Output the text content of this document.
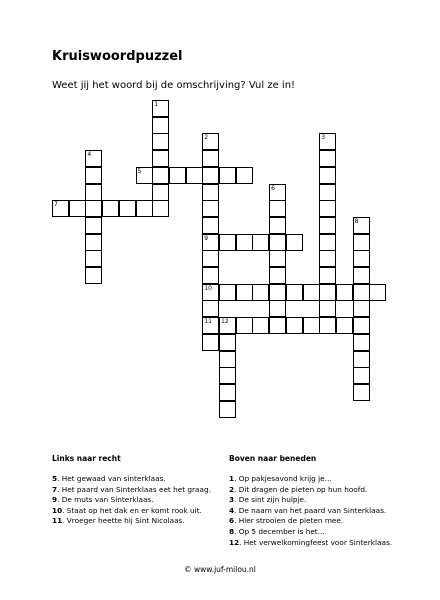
Kruiswoordpuzzel
Weet jij het woord bij de omschrijving? Vul ze in!
5
7
9
10
11 12
1
2	3
4
6
8
Links naar recht
5. Het gewaad van sinterklaas.
7. Het paard van Sinterklaas eet het graag.
9. De muts van Sinterklaas.
10. Staat op het dak en er komt rook uit.
11. Vroeger heette hij Sint Nicolaas.
Boven naar beneden
1. Op pakjesavond krijg je…
2. Dit dragen de pieten op hun hoofd.
3. De sint zijn hulpje.
4. De naam van het paard van Sinterklaas.
6. Hier strooien de pieten mee.
8. Op 5 december is het…
12. Het verwelkomingfeest voor Sinterklaas.
© www.juf-milou.nl
